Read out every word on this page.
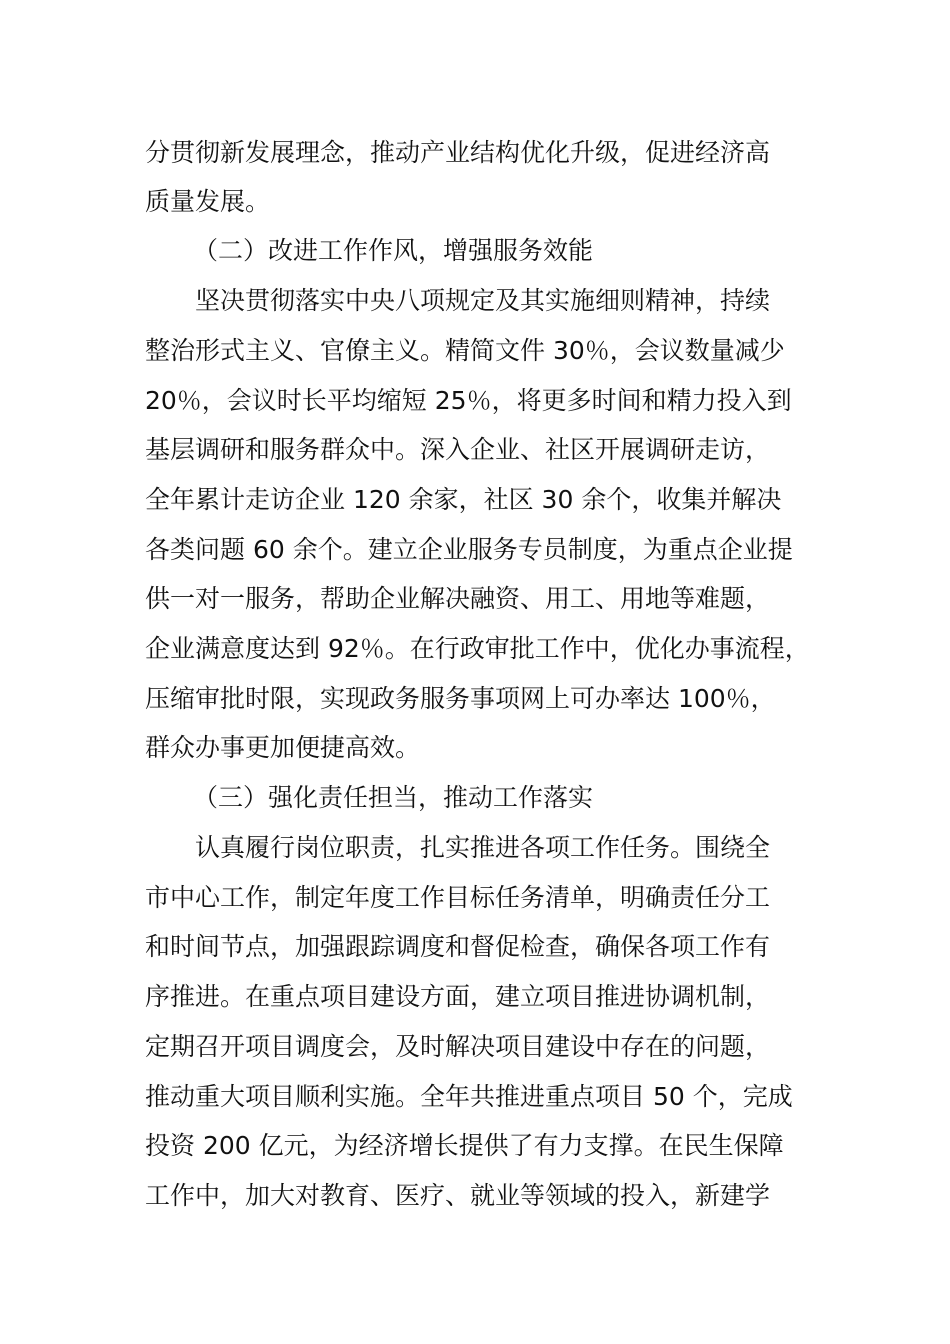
分贯彻新发展理念，推动产业结构优化升级，促进经济高
质量发展。
（二）改进工作作风，增强服务效能
坚决贯彻落实中央八项规定及其实施细则精神，持续
整治形式主义、官僚主义。精简文件 30％，会议数量减少
20％，会议时长平均缩短 25％，将更多时间和精力投入到
基层调研和服务群众中。深入企业、社区开展调研走访，
全年累计走访企业 120 余家，社区 30 余个，收集并解决
各类问题 60 余个。建立企业服务专员制度，为重点企业提
供一对一服务，帮助企业解决融资、用工、用地等难题，
企业满意度达到 92％。在行政审批工作中，优化办事流程，
压缩审批时限，实现政务服务事项网上可办率达 100％，
群众办事更加便捷高效。
（三）强化责任担当，推动工作落实
认真履行岗位职责，扎实推进各项工作任务。围绕全
市中心工作，制定年度工作目标任务清单，明确责任分工
和时间节点，加强跟踪调度和督促检查，确保各项工作有
序推进。在重点项目建设方面，建立项目推进协调机制，
定期召开项目调度会，及时解决项目建设中存在的问题，
推动重大项目顺利实施。全年共推进重点项目 50 个，完成
投资 200 亿元，为经济增长提供了有力支撑。在民生保障
工作中，加大对教育、医疗、就业等领域的投入，新建学
